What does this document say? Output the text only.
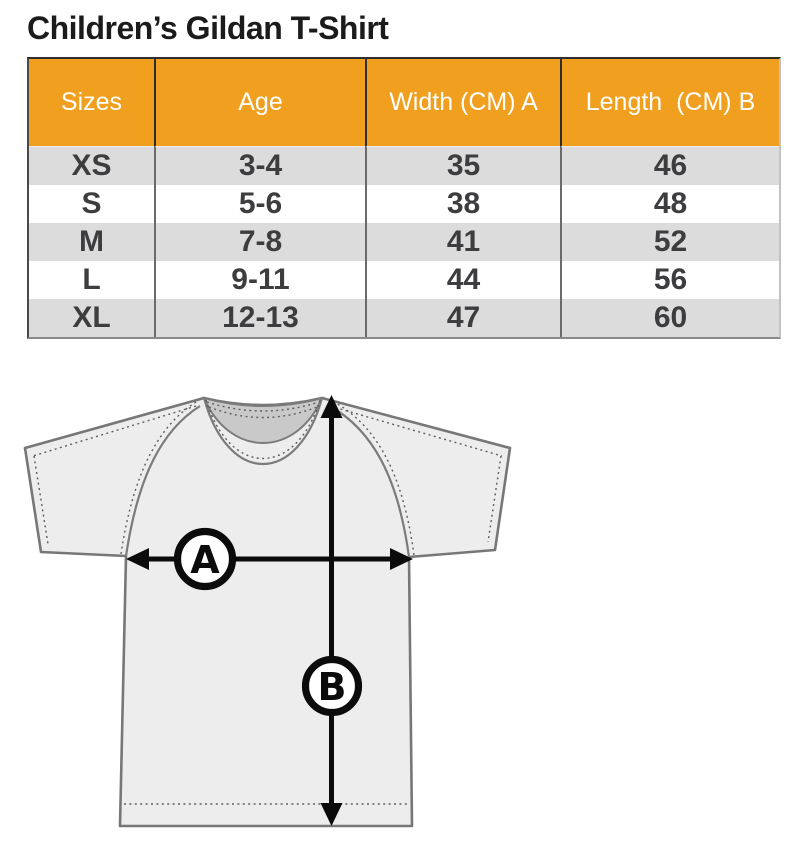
Children’s Gildan T-Shirt
Sizes	Age	Width (CM) A	Length  (CM) B
XS	3-4	35	46
S	5-6	38	48
M	7-8	41	52
L	9-11	44	56
XL	12-13	47	60
A
B
